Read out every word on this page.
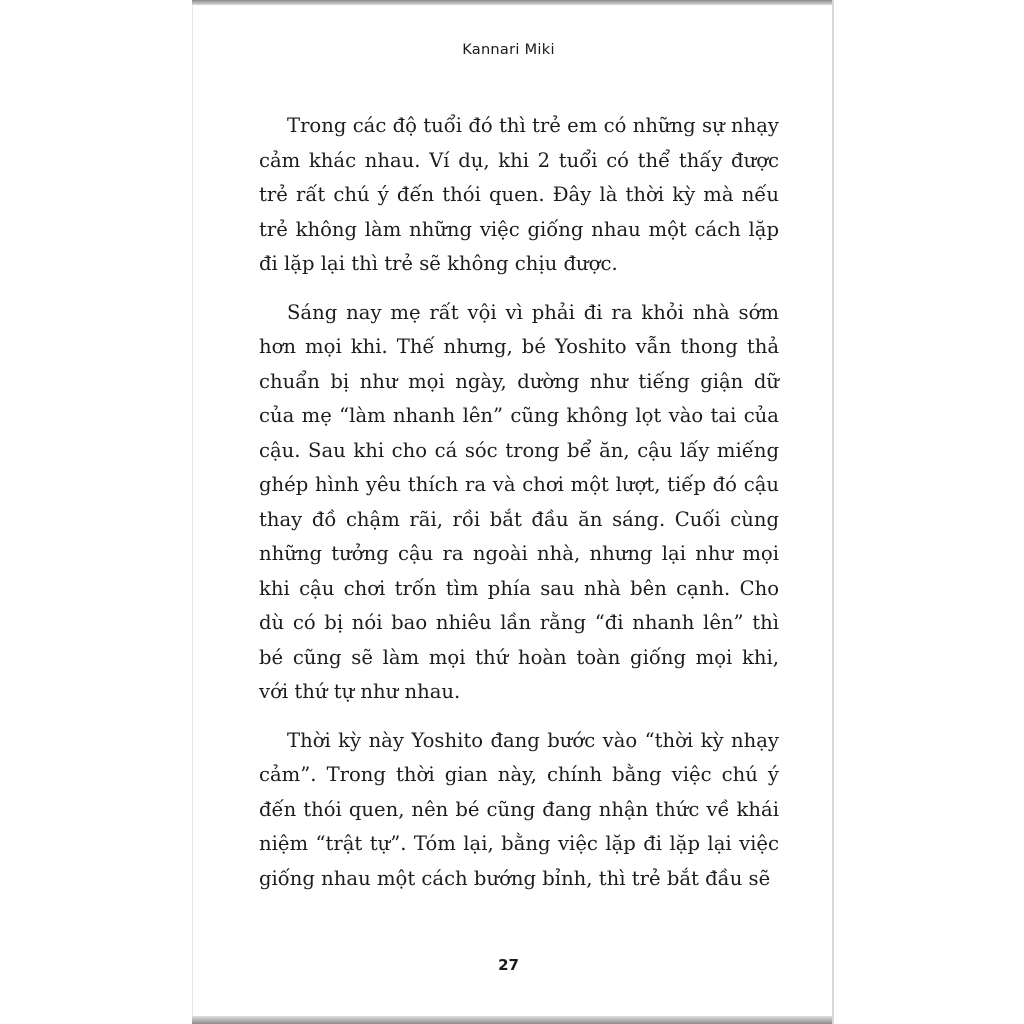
Kannari Miki

Trong các độ tuổi đó thì trẻ em có những sự nhạy cảm khác nhau. Ví dụ, khi 2 tuổi có thể thấy được trẻ rất chú ý đến thói quen. Đây là thời kỳ mà nếu trẻ không làm những việc giống nhau một cách lặp đi lặp lại thì trẻ sẽ không chịu được.

Sáng nay mẹ rất vội vì phải đi ra khỏi nhà sớm hơn mọi khi. Thế nhưng, bé Yoshito vẫn thong thả chuẩn bị như mọi ngày, dường như tiếng giận dữ của mẹ “làm nhanh lên” cũng không lọt vào tai của cậu. Sau khi cho cá sóc trong bể ăn, cậu lấy miếng ghép hình yêu thích ra và chơi một lượt, tiếp đó cậu thay đồ chậm rãi, rồi bắt đầu ăn sáng. Cuối cùng những tưởng cậu ra ngoài nhà, nhưng lại như mọi khi cậu chơi trốn tìm phía sau nhà bên cạnh. Cho dù có bị nói bao nhiêu lần rằng “đi nhanh lên” thì bé cũng sẽ làm mọi thứ hoàn toàn giống mọi khi, với thứ tự như nhau.

Thời kỳ này Yoshito đang bước vào “thời kỳ nhạy cảm”. Trong thời gian này, chính bằng việc chú ý đến thói quen, nên bé cũng đang nhận thức về khái niệm “trật tự”. Tóm lại, bằng việc lặp đi lặp lại việc giống nhau một cách bướng bỉnh, thì trẻ bắt đầu sẽ

27
